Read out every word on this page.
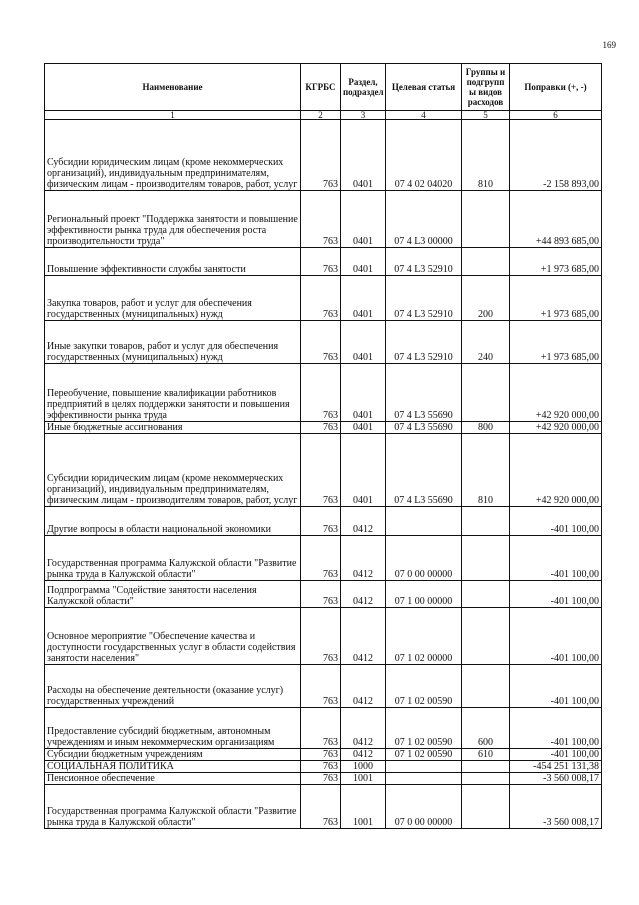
169
Наименование	КГРБС	Раздел, подраздел	Целевая статья	Группы и подгрупп ы видов расходов	Поправки (+, -)
1	2	3	4	5	6
Субсидии юридическим лицам (кроме некоммерческих организаций), индивидуальным предпринимателям, физическим лицам - производителям товаров, работ, услуг	763	0401	07 4 02 04020	810	-2 158 893,00
Региональный проект "Поддержка занятости и повышение эффективности рынка труда для обеспечения роста производительности труда"	763	0401	07 4 L3 00000		+44 893 685,00
Повышение эффективности службы занятости	763	0401	07 4 L3 52910		+1 973 685,00
Закупка товаров, работ и услуг для обеспечения государственных (муниципальных) нужд	763	0401	07 4 L3 52910	200	+1 973 685,00
Иные закупки товаров, работ и услуг для обеспечения государственных (муниципальных) нужд	763	0401	07 4 L3 52910	240	+1 973 685,00
Переобучение, повышение квалификации работников предприятий в целях поддержки занятости и повышения эффективности рынка труда	763	0401	07 4 L3 55690		+42 920 000,00
Иные бюджетные ассигнования	763	0401	07 4 L3 55690	800	+42 920 000,00
Субсидии юридическим лицам (кроме некоммерческих организаций), индивидуальным предпринимателям, физическим лицам - производителям товаров, работ, услуг	763	0401	07 4 L3 55690	810	+42 920 000,00
Другие вопросы в области национальной экономики	763	0412			-401 100,00
Государственная программа Калужской области "Развитие рынка труда в Калужской области"	763	0412	07 0 00 00000		-401 100,00
Подпрограмма "Содействие занятости населения Калужской области"	763	0412	07 1 00 00000		-401 100,00
Основное мероприятие "Обеспечение качества и доступности государственных услуг в области содействия занятости населения"	763	0412	07 1 02 00000		-401 100,00
Расходы на обеспечение деятельности (оказание услуг) государственных учреждений	763	0412	07 1 02 00590		-401 100,00
Предоставление субсидий бюджетным, автономным учреждениям и иным некоммерческим организациям	763	0412	07 1 02 00590	600	-401 100,00
Субсидии бюджетным учреждениям	763	0412	07 1 02 00590	610	-401 100,00
СОЦИАЛЬНАЯ ПОЛИТИКА	763	1000			-454 251 131,38
Пенсионное обеспечение	763	1001			-3 560 008,17
Государственная программа Калужской области "Развитие рынка труда в Калужской области"	763	1001	07 0 00 00000		-3 560 008,17
